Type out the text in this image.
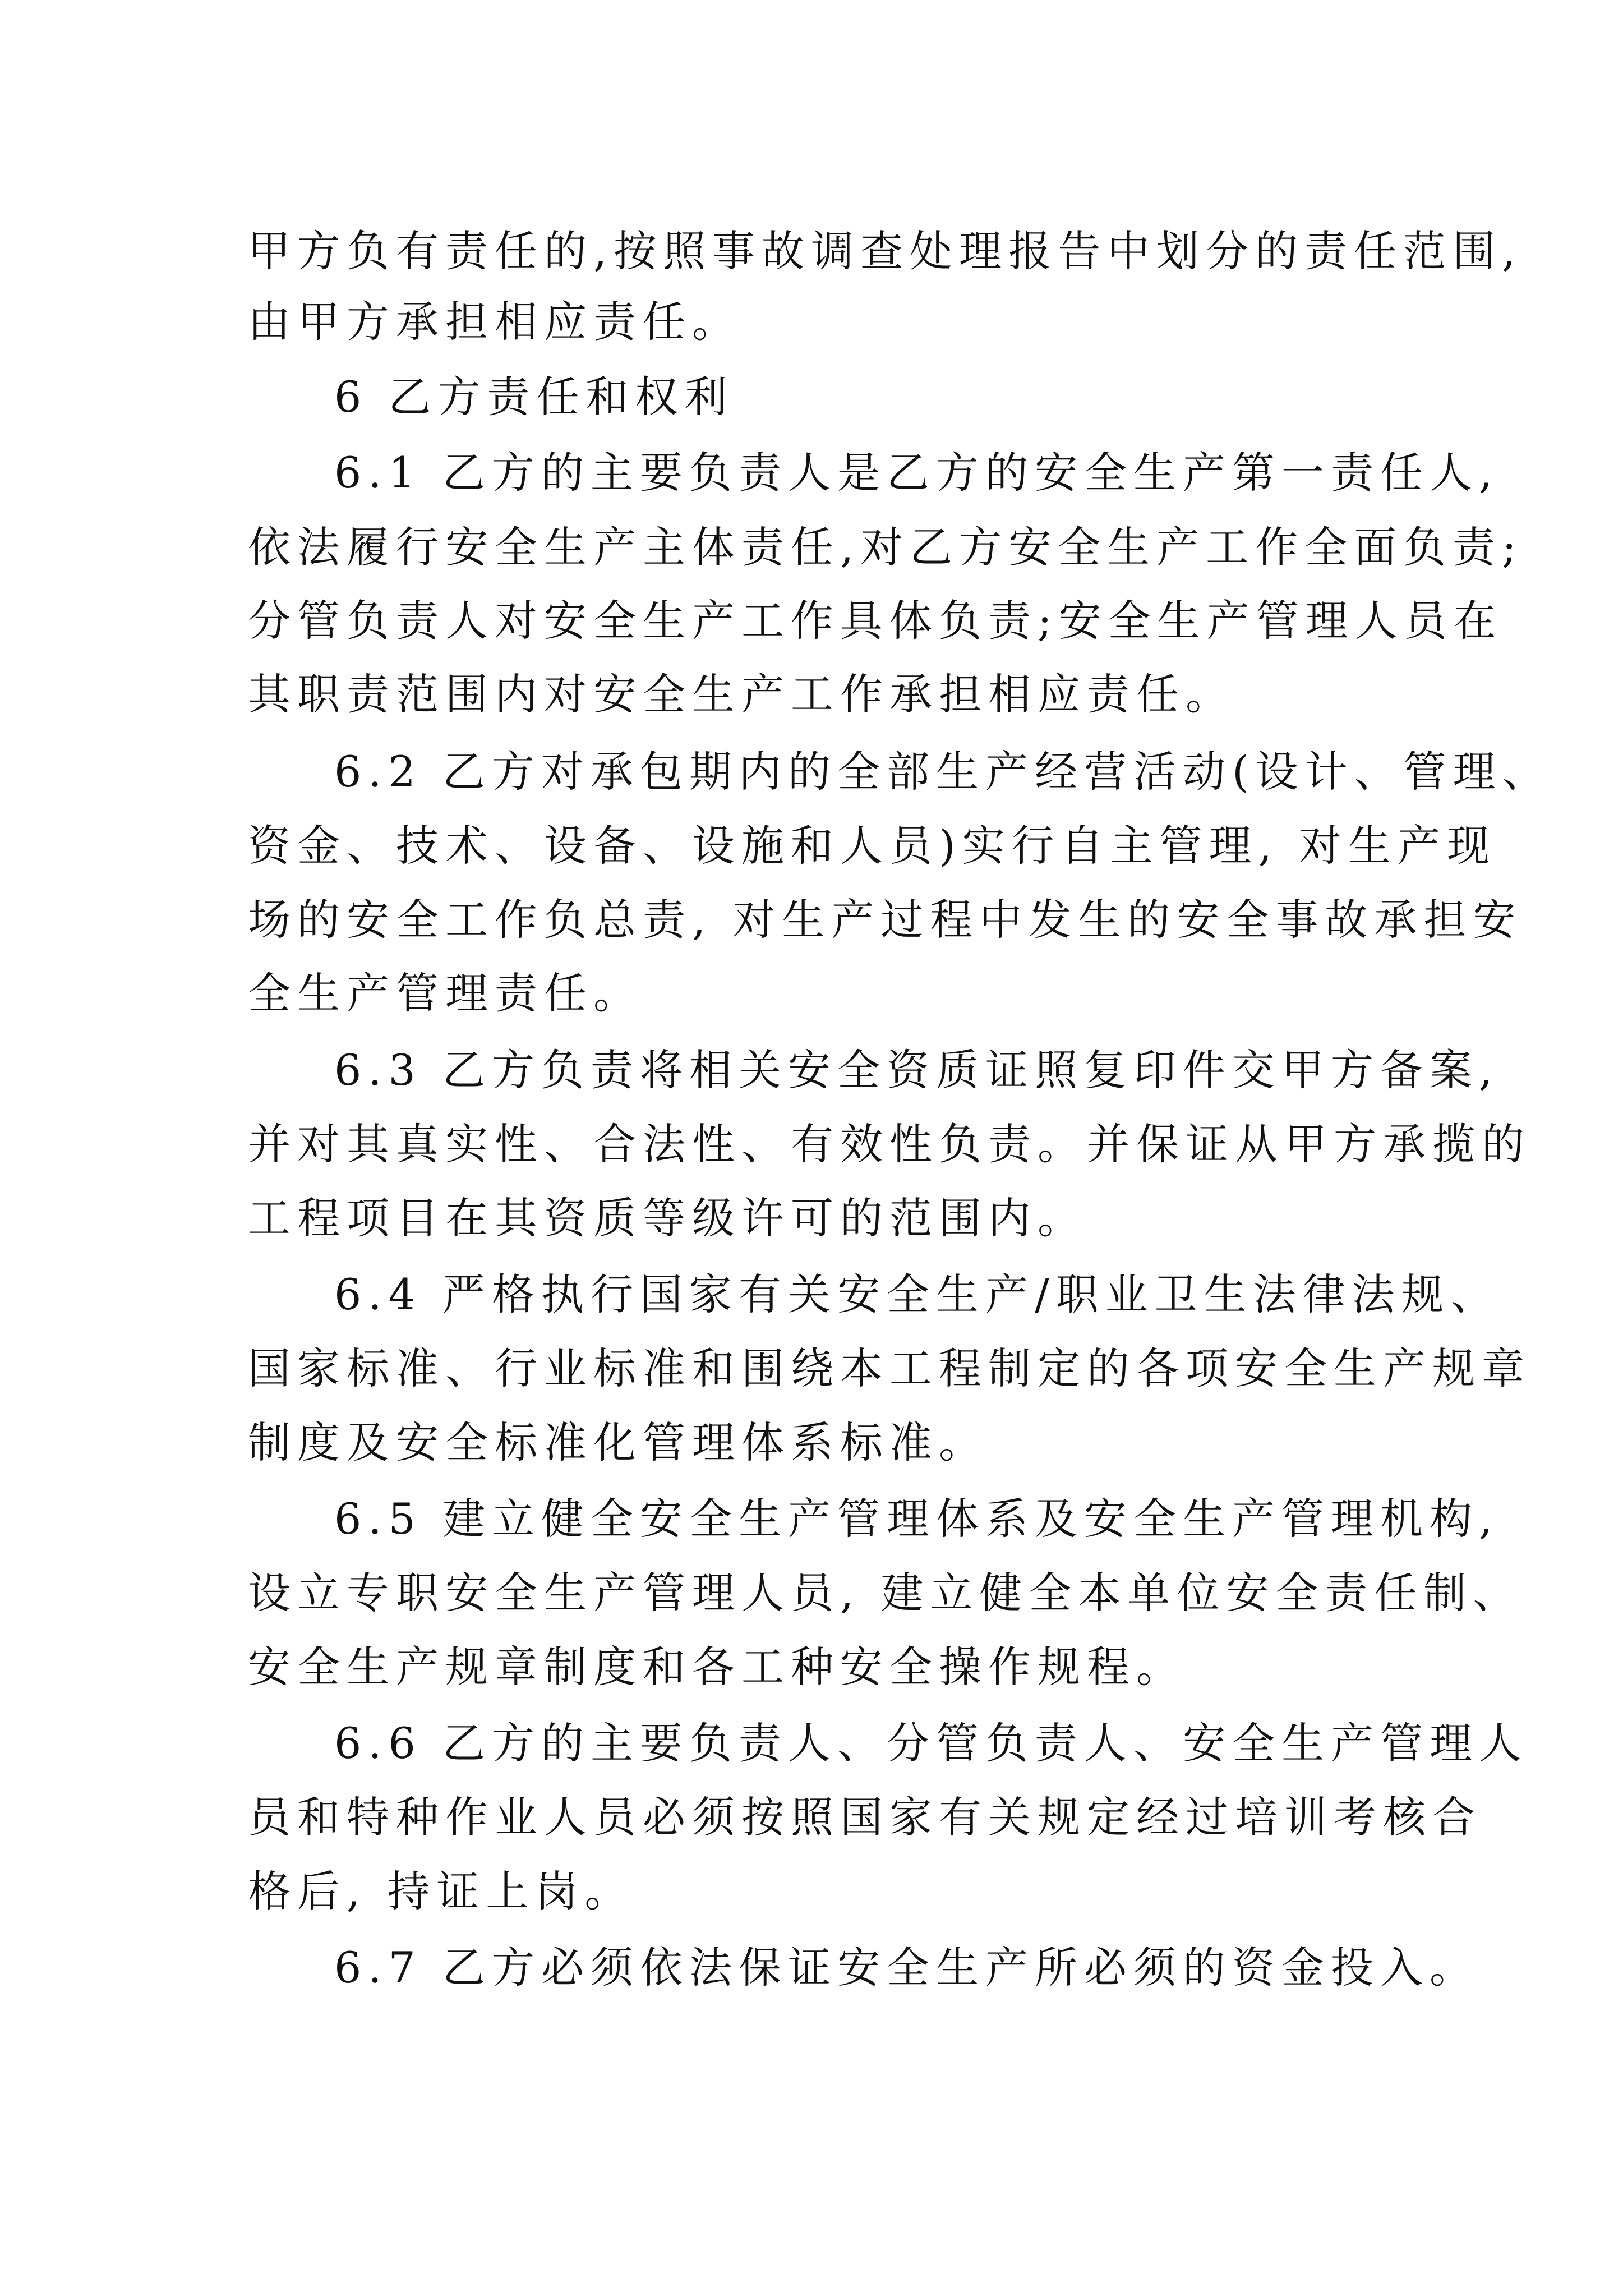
甲方负有责任的,按照事故调查处理报告中划分的责任范围,
由甲方承担相应责任。
6 乙方责任和权利
6.1 乙方的主要负责人是乙方的安全生产第一责任人,
依法履行安全生产主体责任,对乙方安全生产工作全面负责;
分管负责人对安全生产工作具体负责;安全生产管理人员在
其职责范围内对安全生产工作承担相应责任。
6.2 乙方对承包期内的全部生产经营活动(设计、管理、
资金、技术、设备、设施和人员)实行自主管理, 对生产现
场的安全工作负总责, 对生产过程中发生的安全事故承担安
全生产管理责任。
6.3 乙方负责将相关安全资质证照复印件交甲方备案,
并对其真实性、合法性、有效性负责。并保证从甲方承揽的
工程项目在其资质等级许可的范围内。
6.4 严格执行国家有关安全生产/职业卫生法律法规、
国家标准、行业标准和围绕本工程制定的各项安全生产规章
制度及安全标准化管理体系标准。
6.5 建立健全安全生产管理体系及安全生产管理机构,
设立专职安全生产管理人员, 建立健全本单位安全责任制、
安全生产规章制度和各工种安全操作规程。
6.6 乙方的主要负责人、分管负责人、安全生产管理人
员和特种作业人员必须按照国家有关规定经过培训考核合
格后, 持证上岗。
6.7 乙方必须依法保证安全生产所必须的资金投入。
